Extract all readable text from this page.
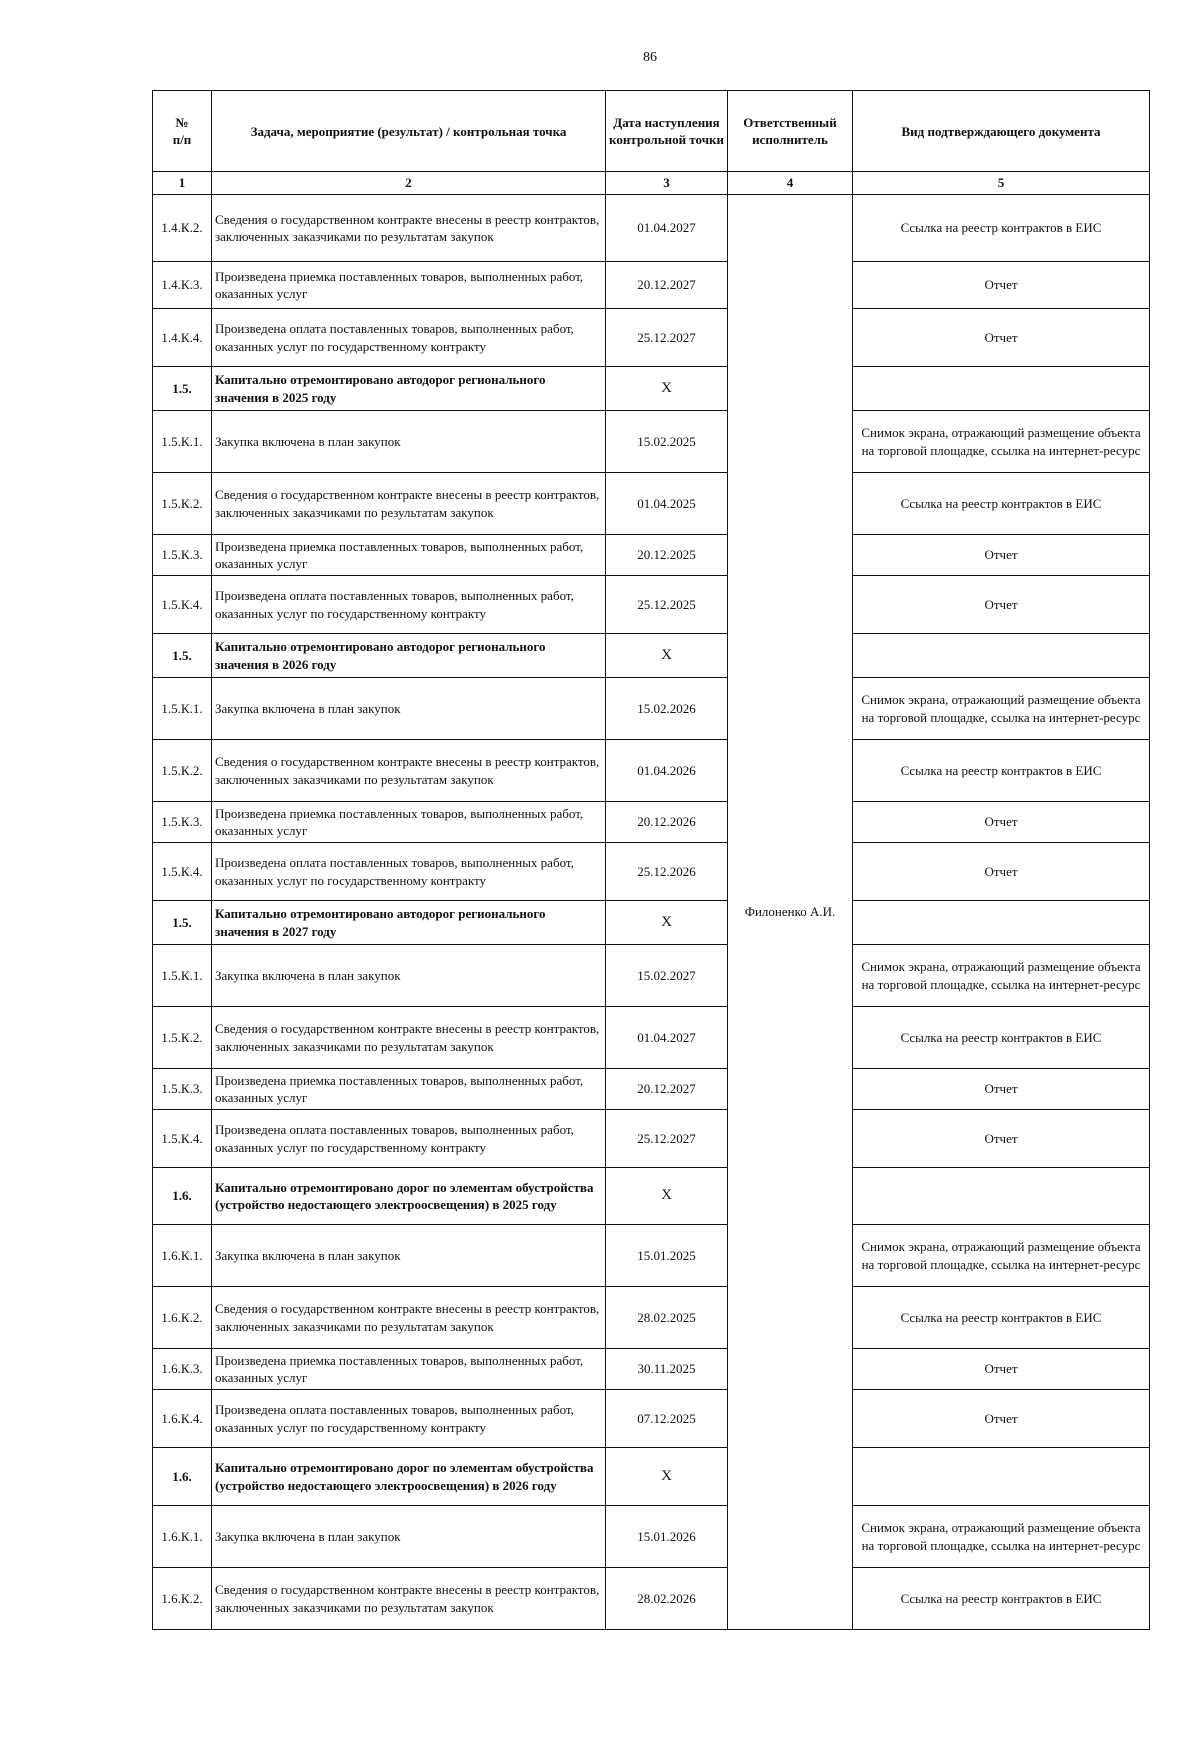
86
№
п/п	Задача, мероприятие (результат) / контрольная точка	Дата наступления контрольной точки	Ответственный исполнитель	Вид подтверждающего документа
1	2	3	4	5
1.4.К.2.	Сведения о государственном контракте внесены в реестр контрактов, заключенных заказчиками по результатам закупок	01.04.2027	Филоненко А.И.	Ссылка на реестр контрактов в ЕИС
1.4.К.3.	Произведена приемка поставленных товаров, выполненных работ, оказанных услуг	20.12.2027		Отчет
1.4.К.4.	Произведена оплата поставленных товаров, выполненных работ, оказанных услуг по государственному контракту	25.12.2027		Отчет
1.5.	Капитально отремонтировано автодорог регионального значения в 2025 году	X		
1.5.К.1.	Закупка включена в план закупок	15.02.2025		Снимок экрана, отражающий размещение объекта на торговой площадке, ссылка на интернет-ресурс
1.5.К.2.	Сведения о государственном контракте внесены в реестр контрактов, заключенных заказчиками по результатам закупок	01.04.2025		Ссылка на реестр контрактов в ЕИС
1.5.К.3.	Произведена приемка поставленных товаров, выполненных работ, оказанных услуг	20.12.2025		Отчет
1.5.К.4.	Произведена оплата поставленных товаров, выполненных работ, оказанных услуг по государственному контракту	25.12.2025		Отчет
1.5.	Капитально отремонтировано автодорог регионального значения в 2026 году	X		
1.5.К.1.	Закупка включена в план закупок	15.02.2026		Снимок экрана, отражающий размещение объекта на торговой площадке, ссылка на интернет-ресурс
1.5.К.2.	Сведения о государственном контракте внесены в реестр контрактов, заключенных заказчиками по результатам закупок	01.04.2026		Ссылка на реестр контрактов в ЕИС
1.5.К.3.	Произведена приемка поставленных товаров, выполненных работ, оказанных услуг	20.12.2026		Отчет
1.5.К.4.	Произведена оплата поставленных товаров, выполненных работ, оказанных услуг по государственному контракту	25.12.2026		Отчет
1.5.	Капитально отремонтировано автодорог регионального значения в 2027 году	X		
1.5.К.1.	Закупка включена в план закупок	15.02.2027		Снимок экрана, отражающий размещение объекта на торговой площадке, ссылка на интернет-ресурс
1.5.К.2.	Сведения о государственном контракте внесены в реестр контрактов, заключенных заказчиками по результатам закупок	01.04.2027		Ссылка на реестр контрактов в ЕИС
1.5.К.3.	Произведена приемка поставленных товаров, выполненных работ, оказанных услуг	20.12.2027		Отчет
1.5.К.4.	Произведена оплата поставленных товаров, выполненных работ, оказанных услуг по государственному контракту	25.12.2027		Отчет
1.6.	Капитально отремонтировано дорог по элементам обустройства (устройство недостающего электроосвещения) в 2025 году	X		
1.6.К.1.	Закупка включена в план закупок	15.01.2025		Снимок экрана, отражающий размещение объекта на торговой площадке, ссылка на интернет-ресурс
1.6.К.2.	Сведения о государственном контракте внесены в реестр контрактов, заключенных заказчиками по результатам закупок	28.02.2025		Ссылка на реестр контрактов в ЕИС
1.6.К.3.	Произведена приемка поставленных товаров, выполненных работ, оказанных услуг	30.11.2025		Отчет
1.6.К.4.	Произведена оплата поставленных товаров, выполненных работ, оказанных услуг по государственному контракту	07.12.2025		Отчет
1.6.	Капитально отремонтировано дорог по элементам обустройства (устройство недостающего электроосвещения) в 2026 году	X		
1.6.К.1.	Закупка включена в план закупок	15.01.2026		Снимок экрана, отражающий размещение объекта на торговой площадке, ссылка на интернет-ресурс
1.6.К.2.	Сведения о государственном контракте внесены в реестр контрактов, заключенных заказчиками по результатам закупок	28.02.2026		Ссылка на реестр контрактов в ЕИС
